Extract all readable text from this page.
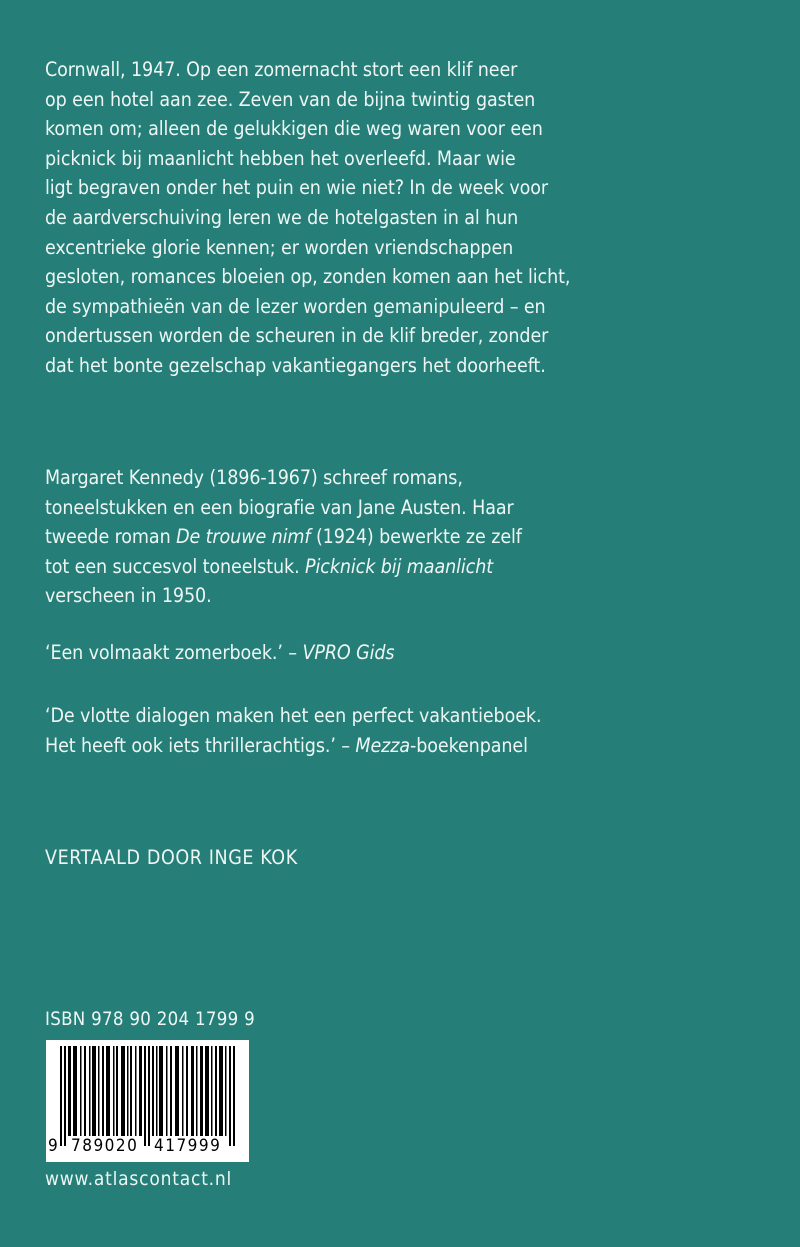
Cornwall, 1947. Op een zomernacht stort een klif neer
op een hotel aan zee. Zeven van de bijna twintig gasten
komen om; alleen de gelukkigen die weg waren voor een
picknick bij maanlicht hebben het overleefd. Maar wie
ligt begraven onder het puin en wie niet? In de week voor
de aardverschuiving leren we de hotelgasten in al hun
excentrieke glorie kennen; er worden vriendschappen
gesloten, romances bloeien op, zonden komen aan het licht,
de sympathieën van de lezer worden gemanipuleerd – en
ondertussen worden de scheuren in de klif breder, zonder
dat het bonte gezelschap vakantiegangers het doorheeft.
Margaret Kennedy (1896-1967) schreef romans,
toneelstukken en een biografie van Jane Austen. Haar
tweede roman De trouwe nimf (1924) bewerkte ze zelf
tot een succesvol toneelstuk. Picknick bij maanlicht
verscheen in 1950.
‘Een volmaakt zomerboek.’ – VPRO Gids
‘De vlotte dialogen maken het een perfect vakantieboek.
Het heeft ook iets thrillerachtigs.’ – Mezza-boekenpanel
VERTAALD DOOR INGE KOK
ISBN 978 90 204 1799 9
9 789020 417999
www.atlascontact.nl
